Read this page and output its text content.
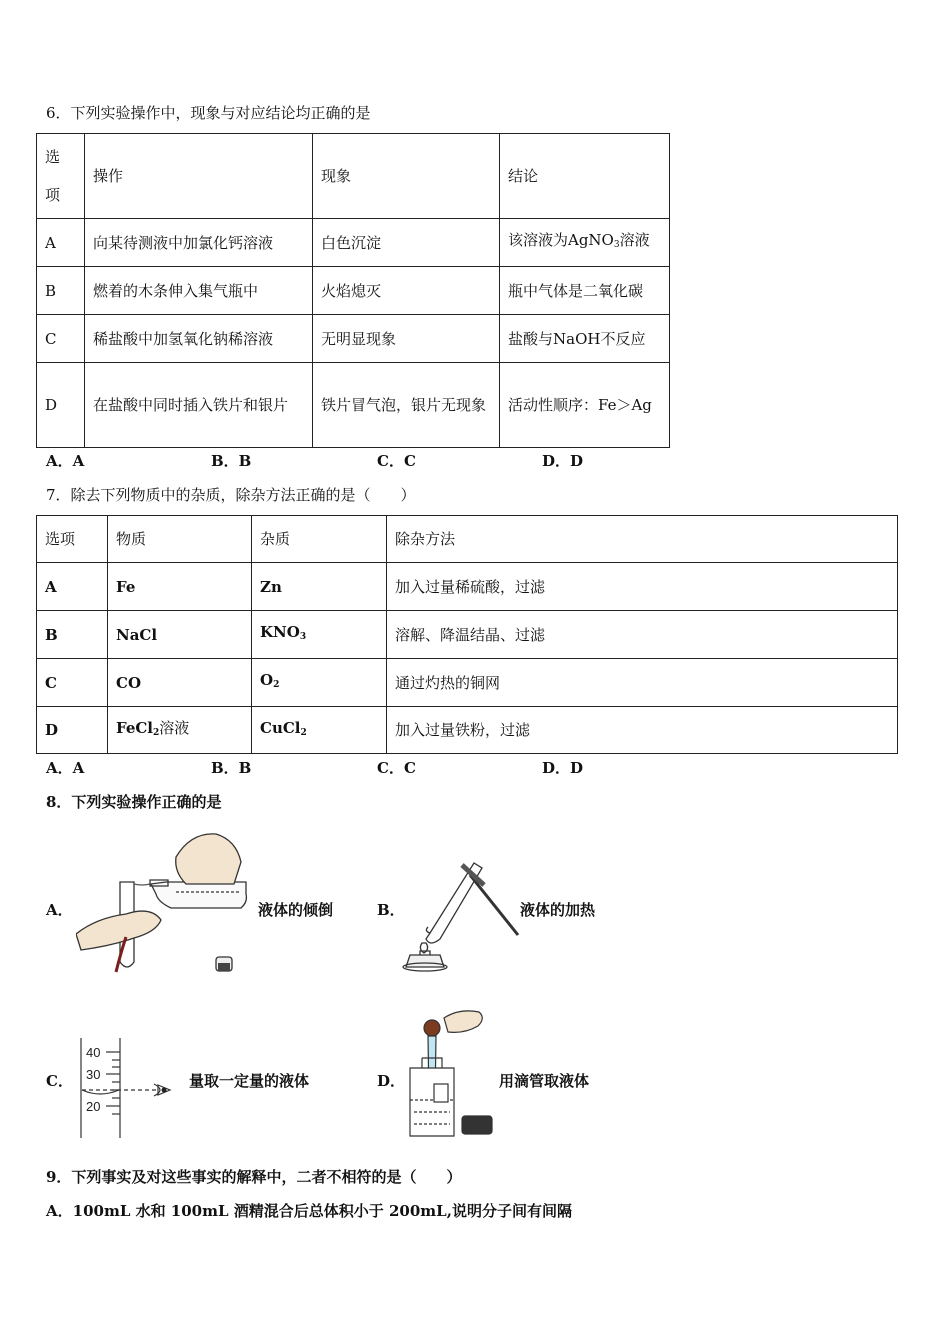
6．下列实验操作中，现象与对应结论均正确的是
选
项	操作	现象	结论
A	向某待测液中加氯化钙溶液	白色沉淀	该溶液为AgNO$_3$溶液
B	燃着的木条伸入集气瓶中	火焰熄灭	瓶中气体是二氧化碳
C	稀盐酸中加氢氧化钠稀溶液	无明显现象	盐酸与NaOH不反应
D	在盐酸中同时插入铁片和银片	铁片冒气泡，银片无现象	活动性顺序：Fe＞Ag
A．A	B．B	C．C	D．D
7．除去下列物质中的杂质，除杂方法正确的是（　　）
选项	物质	杂质	除杂方法
A	Fe	Zn	加入过量稀硫酸，过滤
B	NaCl	$KNO_3$	溶解、降温结晶、过滤
C	CO	$O_2$	通过灼热的铜网
D	FeCl$_2$溶液	CuCl$_2$	加入过量铁粉，过滤
A．A	B．B	C．C	D．D
8．下列实验操作正确的是
A．	液体的倾倒	B．	液体的加热
C．
40
30
20
量取一定量的液体	D．	用滴管取液体
9．下列事实及对这些事实的解释中，二者不相符的是（　　）
A．100mL 水和 100mL 酒精混合后总体积小于 200mL,说明分子间有间隔
